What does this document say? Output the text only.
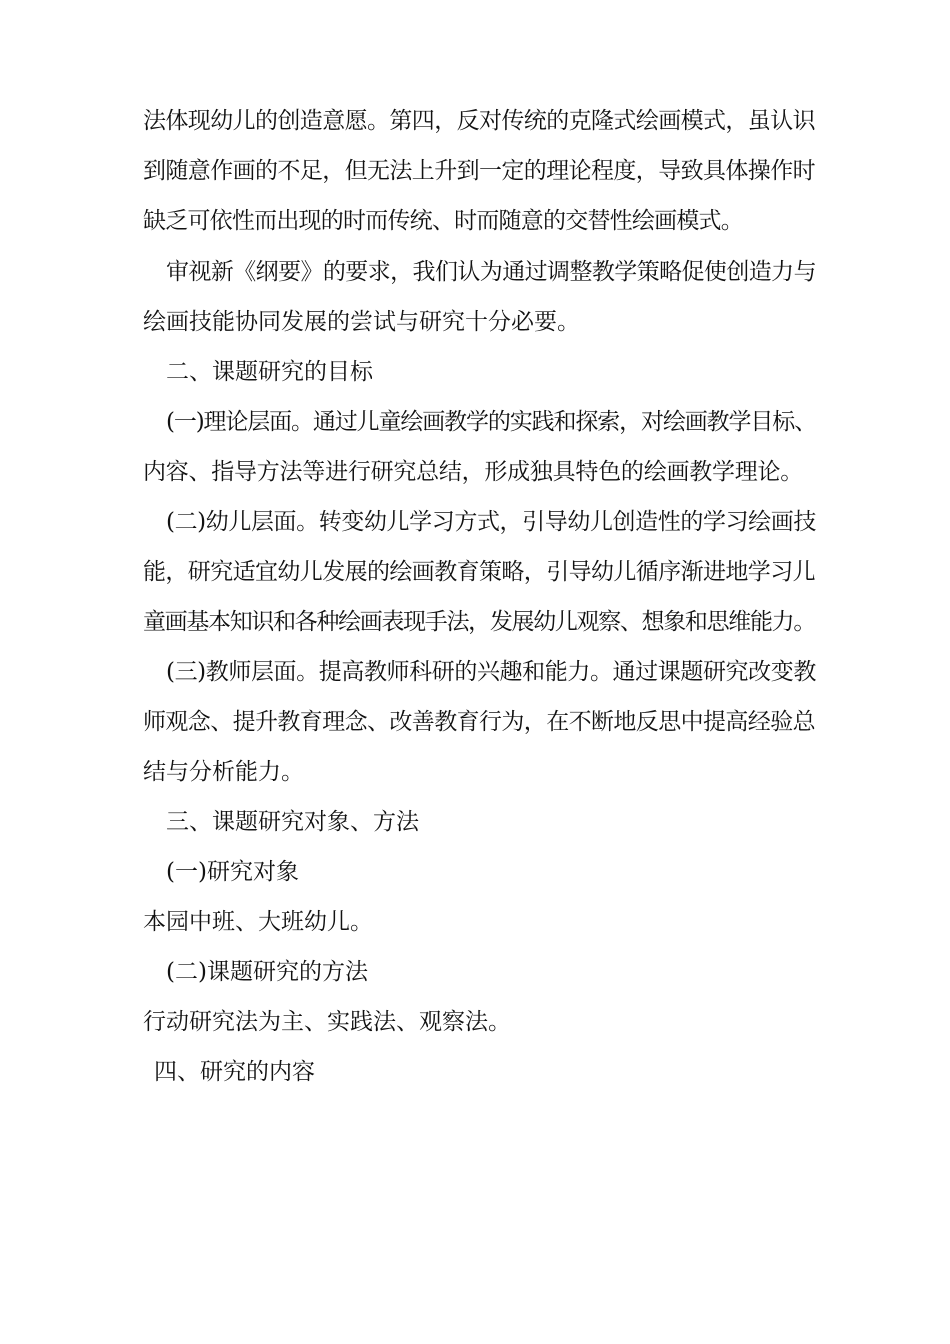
法体现幼儿的创造意愿。第四，反对传统的克隆式绘画模式，虽认识
到随意作画的不足，但无法上升到一定的理论程度，导致具体操作时
缺乏可依性而出现的时而传统、时而随意的交替性绘画模式。
审视新《纲要》的要求，我们认为通过调整教学策略促使创造力与
绘画技能协同发展的尝试与研究十分必要。
二、课题研究的目标
(一)理论层面。通过儿童绘画教学的实践和探索，对绘画教学目标、
内容、指导方法等进行研究总结，形成独具特色的绘画教学理论。
(二)幼儿层面。转变幼儿学习方式，引导幼儿创造性的学习绘画技
能，研究适宜幼儿发展的绘画教育策略，引导幼儿循序渐进地学习儿
童画基本知识和各种绘画表现手法，发展幼儿观察、想象和思维能力。
(三)教师层面。提高教师科研的兴趣和能力。通过课题研究改变教
师观念、提升教育理念、改善教育行为，在不断地反思中提高经验总
结与分析能力。
三、课题研究对象、方法
(一)研究对象
本园中班、大班幼儿。
(二)课题研究的方法
行动研究法为主、实践法、观察法。
四、研究的内容
